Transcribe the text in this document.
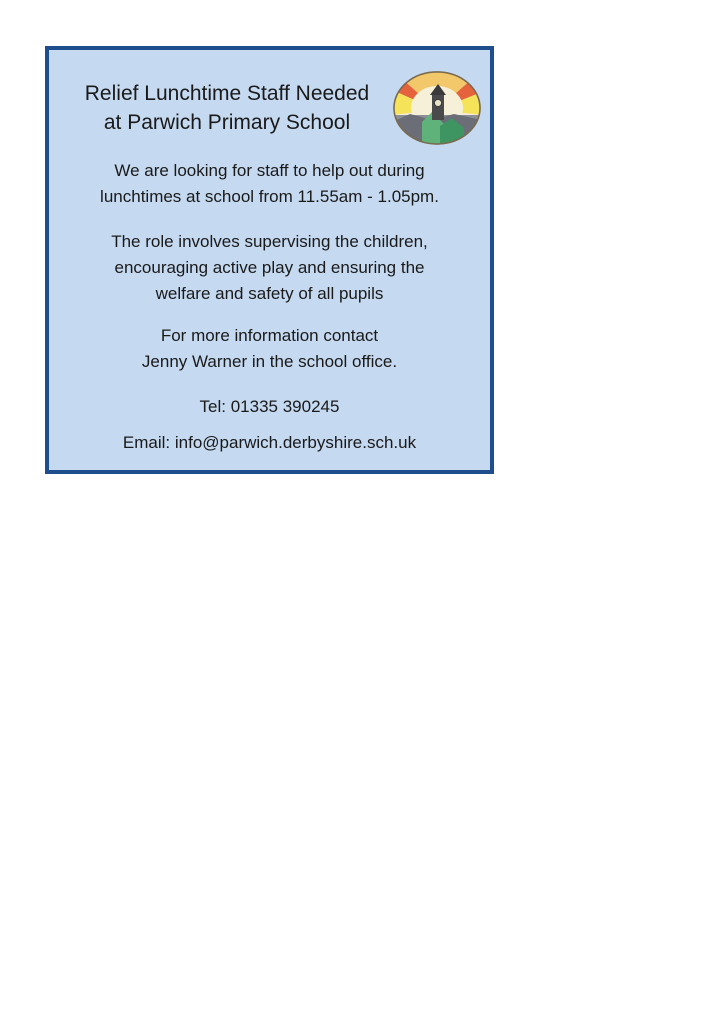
Relief Lunchtime Staff Needed
at Parwich Primary School

We are looking for staff to help out during
lunchtimes at school from 11.55am - 1.05pm.

The role involves supervising the children,
encouraging active play and ensuring the
welfare and safety of all pupils

For more information contact
Jenny Warner in the school office.

Tel: 01335 390245

Email: info@parwich.derbyshire.sch.uk
